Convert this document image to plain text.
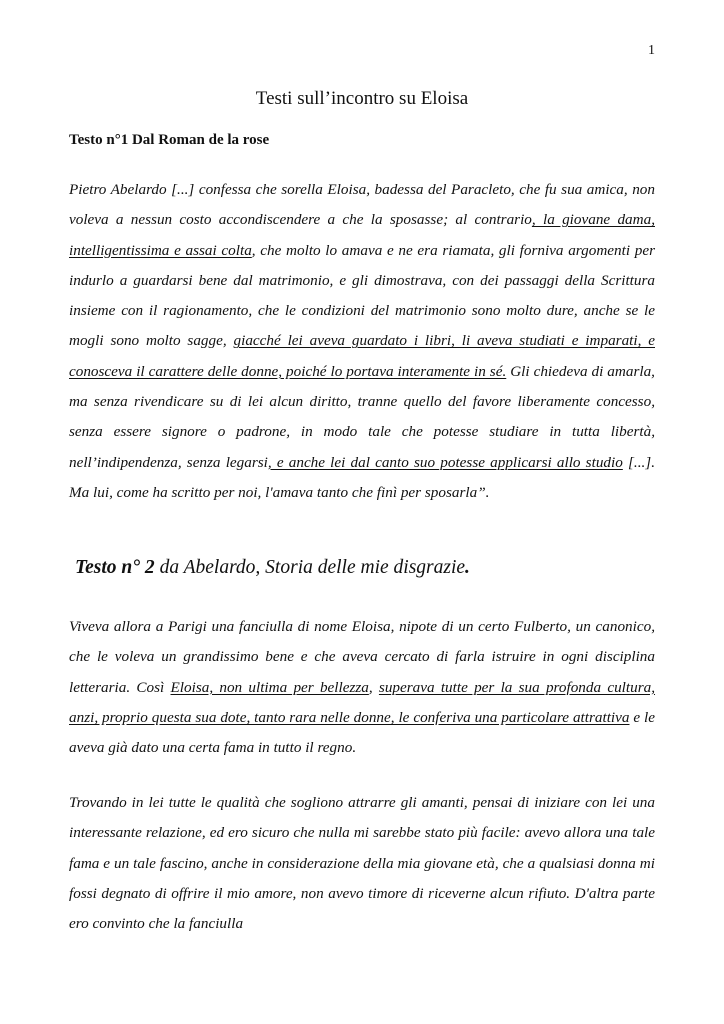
1
Testi sull’incontro su Eloisa
Testo n°1 Dal Roman de la rose

Pietro Abelardo [...] confessa che sorella Eloisa, badessa del Paracleto, che fu sua amica, non voleva a nessun costo accondiscendere a che la sposasse; al contrario, la giovane dama, intelligentissima e assai colta, che molto lo amava e ne era riamata, gli forniva argomenti per indurlo a guardarsi bene dal matrimonio, e gli dimostrava, con dei passaggi della Scrittura insieme con il ragionamento, che le condizioni del matrimonio sono molto dure, anche se le mogli sono molto sagge, giacché lei aveva guardato i libri, li aveva studiati e imparati, e conosceva il carattere delle donne, poiché lo portava interamente in sé. Gli chiedeva di amarla, ma senza rivendicare su di lei alcun diritto, tranne quello del favore liberamente concesso, senza essere signore o padrone, in modo tale che potesse studiare in tutta libertà, nell’indipendenza, senza legarsi, e anche lei dal canto suo potesse applicarsi allo studio [...]. Ma lui, come ha scritto per noi, l'amava tanto che finì per sposarla”.

Testo n° 2 da Abelardo, Storia delle mie disgrazie.

Viveva allora a Parigi una fanciulla di nome Eloisa, nipote di un certo Fulberto, un canonico, che le voleva un grandissimo bene e che aveva cercato di farla istruire in ogni disciplina letteraria. Così Eloisa, non ultima per bellezza, superava tutte per la sua profonda cultura, anzi, proprio questa sua dote, tanto rara nelle donne, le conferiva una particolare attrattiva e le aveva già dato una certa fama in tutto il regno.

Trovando in lei tutte le qualità che sogliono attrarre gli amanti, pensai di iniziare con lei una interessante relazione, ed ero sicuro che nulla mi sarebbe stato più facile: avevo allora una tale fama e un tale fascino, anche in considerazione della mia giovane età, che a qualsiasi donna mi fossi degnato di offrire il mio amore, non avevo timore di riceverne alcun rifiuto. D'altra parte ero convinto che la fanciulla
